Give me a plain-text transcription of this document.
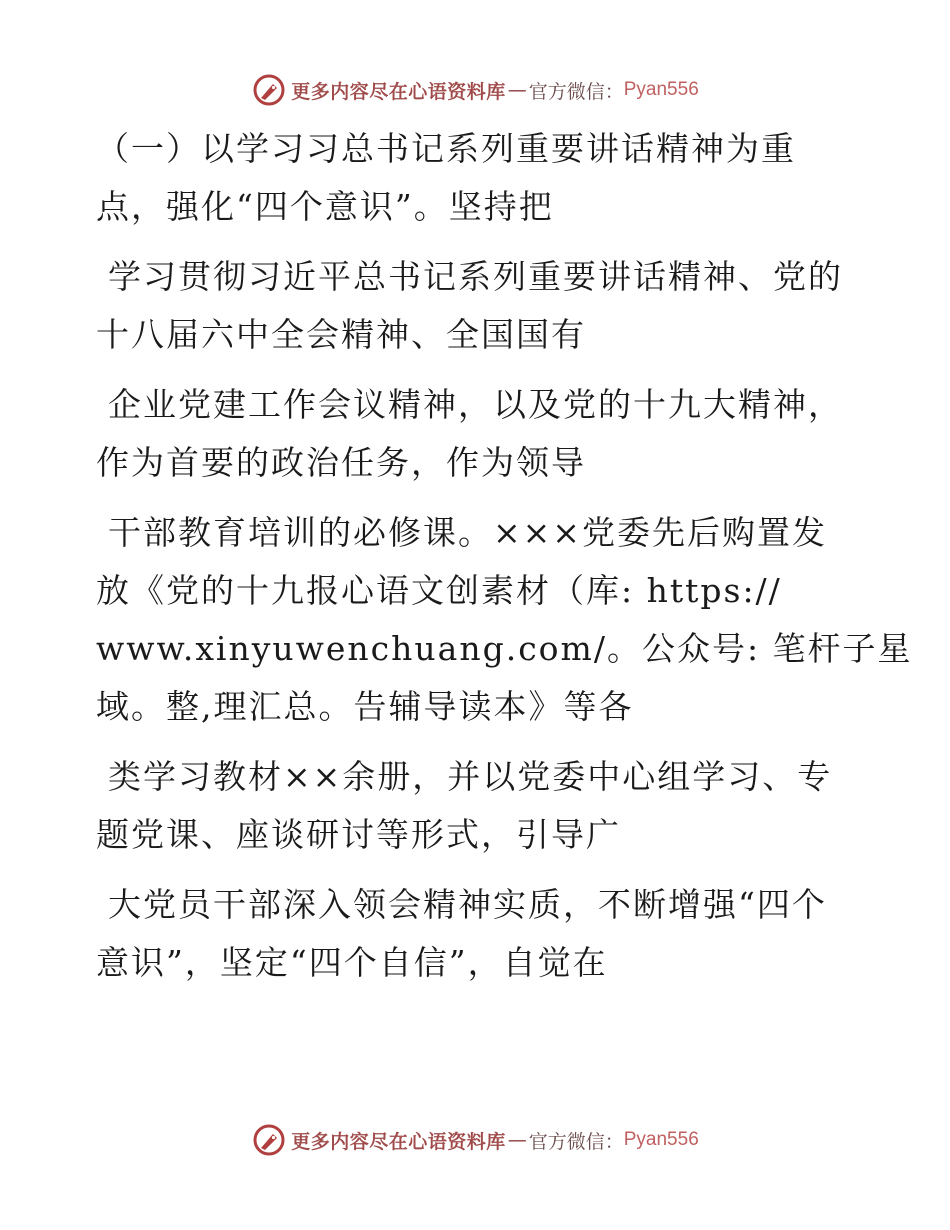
更多内容尽在心语资料库 — 官方微信： Pyan556

（一）以学习习总书记系列重要讲话精神为重
点，强化“四个意识”。坚持把

学习贯彻习近平总书记系列重要讲话精神、党的
十八届六中全会精神、全国国有

企业党建工作会议精神，以及党的十九大精神，
作为首要的政治任务，作为领导

干部教育培训的必修课。×××党委先后购置发
放《党的十九报心语文创素材（库: https://
www.xinyuwenchuang.com/。公众号: 笔杆子星
域。整,理汇总。告辅导读本》等各

类学习教材××余册，并以党委中心组学习、专
题党课、座谈研讨等形式，引导广

大党员干部深入领会精神实质，不断增强“四个
意识”，坚定“四个自信”，自觉在

更多内容尽在心语资料库 — 官方微信： Pyan556
